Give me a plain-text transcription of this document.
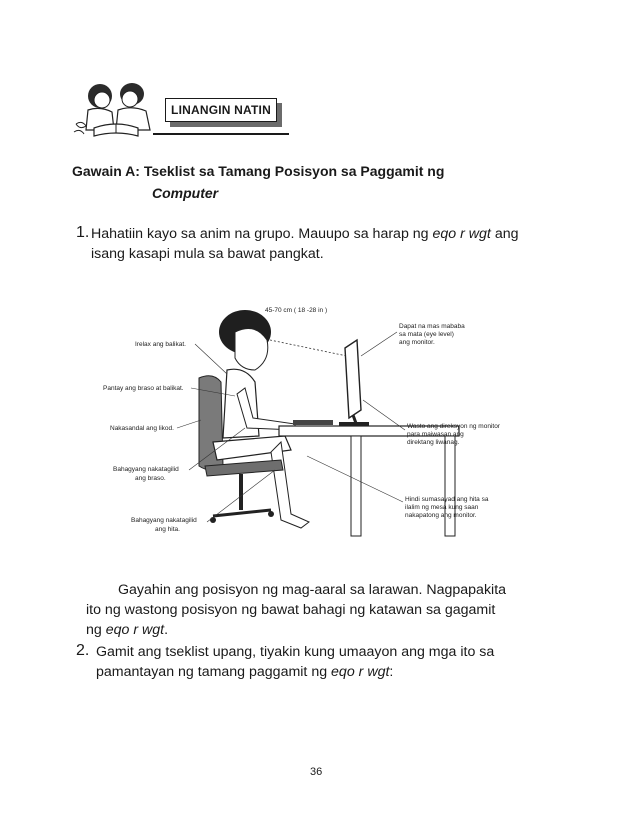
LINANGIN NATIN
Gawain A: Tseklist sa Tamang Posisyon sa Paggamit ng
Computer
1. Hahatiin kayo sa anim na grupo. Mauupo sa harap ng eqo r wgt ang isang kasapi mula sa bawat pangkat.

45-70 cm ( 18 -28 in )
Irelax ang balikat.
Pantay ang braso at balikat.
Nakasandal ang likod.
Bahagyang nakatagilid
ang braso.
Bahagyang nakatagilid
ang hita.
Dapat na mas mababa
sa mata (eye level)
ang monitor.
Wasto ang direksyon ng monitor
para maiwasan ang
direktang liwanag.
Hindi sumasayad ang hita sa
ilalim ng mesa kung saan
nakapatong ang monitor.

Gayahin ang posisyon ng mag-aaral sa larawan. Nagpapakita

ito ng wastong posisyon ng bawat bahagi ng katawan sa gagamit

ng eqo r wgt.

2. Gamit ang tseklist upang, tiyakin kung umaayon ang mga ito sa

pamantayan ng tamang paggamit ng eqo r wgt:

36
